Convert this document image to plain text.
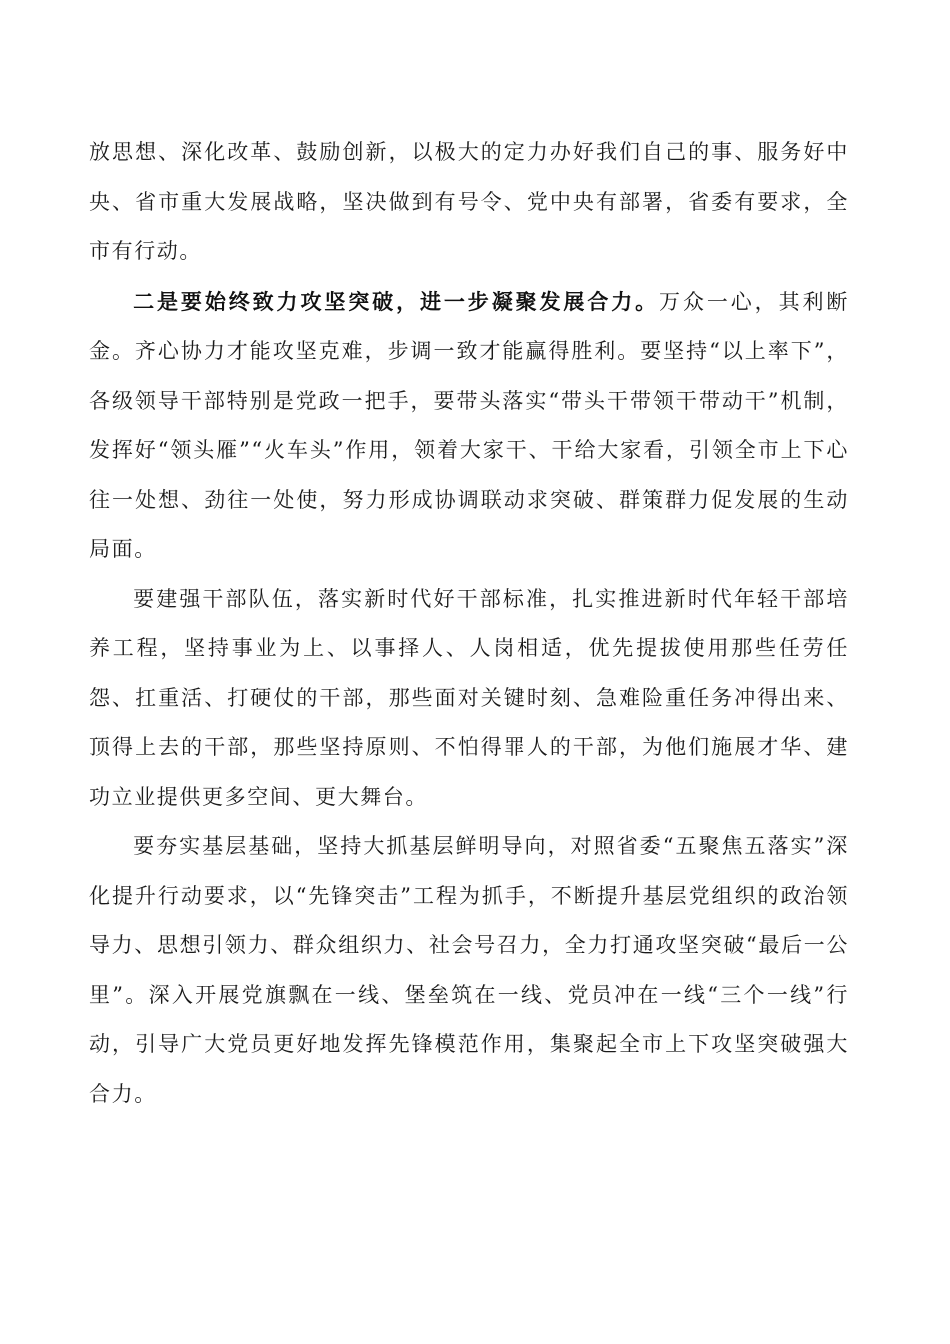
放思想、深化改革、鼓励创新，以极大的定力办好我们自己的事、服务好中央、省市重大发展战略，坚决做到有号令、党中央有部署，省委有要求，全市有行动。

二是要始终致力攻坚突破，进一步凝聚发展合力。万众一心，其利断金。齐心协力才能攻坚克难，步调一致才能赢得胜利。要坚持“以上率下”，各级领导干部特别是党政一把手，要带头落实“带头干带领干带动干”机制，发挥好“领头雁”“火车头”作用，领着大家干、干给大家看，引领全市上下心往一处想、劲往一处使，努力形成协调联动求突破、群策群力促发展的生动局面。

要建强干部队伍，落实新时代好干部标准，扎实推进新时代年轻干部培养工程，坚持事业为上、以事择人、人岗相适，优先提拔使用那些任劳任怨、扛重活、打硬仗的干部，那些面对关键时刻、急难险重任务冲得出来、顶得上去的干部，那些坚持原则、不怕得罪人的干部，为他们施展才华、建功立业提供更多空间、更大舞台。

要夯实基层基础，坚持大抓基层鲜明导向，对照省委“五聚焦五落实”深化提升行动要求，以“先锋突击”工程为抓手，不断提升基层党组织的政治领导力、思想引领力、群众组织力、社会号召力，全力打通攻坚突破“最后一公里”。深入开展党旗飘在一线、堡垒筑在一线、党员冲在一线“三个一线”行动，引导广大党员更好地发挥先锋模范作用，集聚起全市上下攻坚突破强大合力。
